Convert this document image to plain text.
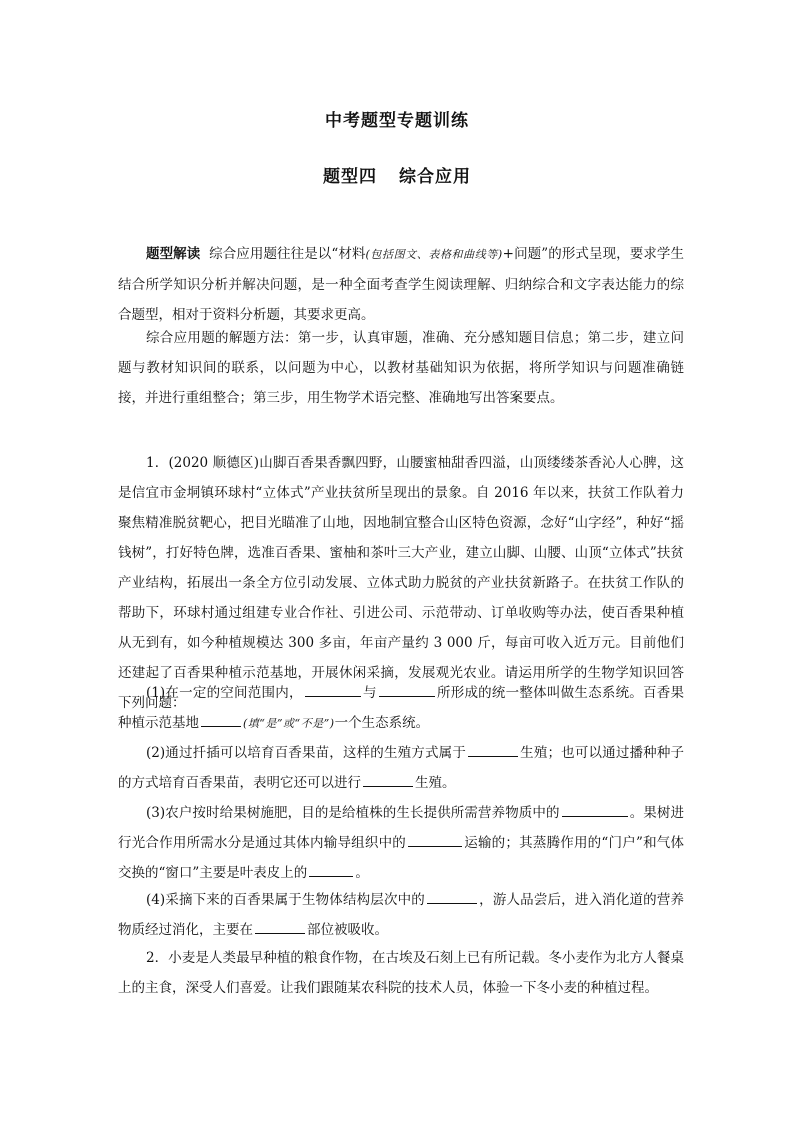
中考题型专题训练
题型四 综合应用
题型解读 综合应用题往往是以“材料(包括图文、表格和曲线等)+问题”的形式呈现，要求学生结合所学知识分析并解决问题，是一种全面考查学生阅读理解、归纳综合和文字表达能力的综合题型，相对于资料分析题，其要求更高。
综合应用题的解题方法：第一步，认真审题，准确、充分感知题目信息；第二步，建立问题与教材知识间的联系，以问题为中心，以教材基础知识为依据，将所学知识与问题准确链接，并进行重组整合；第三步，用生物学术语完整、准确地写出答案要点。
1．(2020 顺德区)山脚百香果香飘四野，山腰蜜柚甜香四溢，山顶缕缕茶香沁人心脾，这是信宜市金垌镇环球村“立体式”产业扶贫所呈现出的景象。自 2016 年以来，扶贫工作队着力聚焦精准脱贫靶心，把目光瞄准了山地，因地制宜整合山区特色资源，念好“山字经”，种好“摇钱树”，打好特色牌，选准百香果、蜜柚和茶叶三大产业，建立山脚、山腰、山顶“立体式”扶贫产业结构，拓展出一条全方位引动发展、立体式助力脱贫的产业扶贫新路子。在扶贫工作队的帮助下，环球村通过组建专业合作社、引进公司、示范带动、订单收购等办法，使百香果种植从无到有，如今种植规模达 300 多亩，年亩产量约 3 000 斤，每亩可收入近万元。目前他们还建起了百香果种植示范基地，开展休闲采摘，发展观光农业。请运用所学的生物学知识回答下列问题：
(1)在一定的空间范围内，	与	所形成的统一整体叫做生态系统。百香果种植示范基地	(填“是”或“不是”)一个生态系统。
(2)通过扦插可以培育百香果苗，这样的生殖方式属于	生殖；也可以通过播种种子的方式培育百香果苗，表明它还可以进行	生殖。
(3)农户按时给果树施肥，目的是给植株的生长提供所需营养物质中的	。果树进行光合作用所需水分是通过其体内输导组织中的	运输的；其蒸腾作用的“门户”和气体交换的“窗口”主要是叶表皮上的	。
(4)采摘下来的百香果属于生物体结构层次中的	，游人品尝后，进入消化道的营养物质经过消化，主要在	部位被吸收。
2．小麦是人类最早种植的粮食作物，在古埃及石刻上已有所记载。冬小麦作为北方人餐桌上的主食，深受人们喜爱。让我们跟随某农科院的技术人员，体验一下冬小麦的种植过程。
